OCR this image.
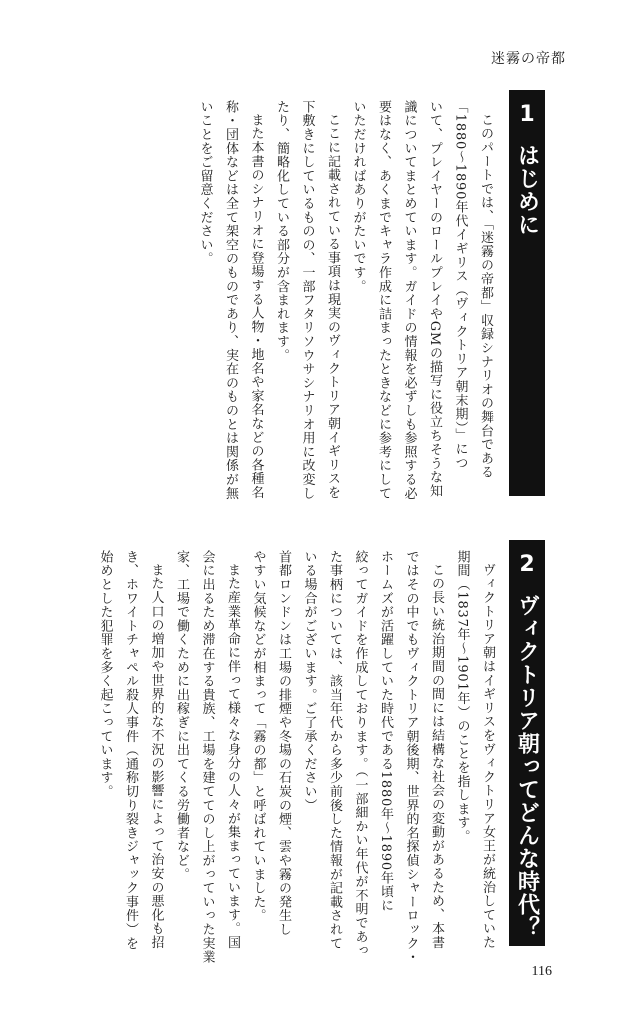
迷霧の帝都
1
はじめに

このパートでは、「迷霧の帝都」収録シナリオの舞台である

「1880〜1890年代イギリス（ヴィクトリア朝末期）」につ

いて、プレイヤーのロールプレイやGMの描写に役立ちそうな知

識についてまとめています。ガイドの情報を必ずしも参照する必

要はなく、あくまでキャラ作成に詰まったときなどに参考にして

いただければありがたいです。

ここに記載されている事項は現実のヴィクトリア朝イギリスを

下敷きにしているものの、一部フタリソウサシナリオ用に改変し

たり、簡略化している部分が含まれます。

また本書のシナリオに登場する人物・地名や家名などの各種名

称・団体などは全て架空のものであり、実在のものとは関係が無

いことをご留意ください。

2
ヴィクトリア朝ってどんな時代？

ヴィクトリア朝はイギリスをヴィクトリア女王が統治していた

期間（1837年〜1901年）のことを指します。

この長い統治期間の間には結構な社会の変動があるため、本書

ではその中でもヴィクトリア朝後期、世界的名探偵シャーロック・

ホームズが活躍していた時代である1880年〜1890年頃に

絞ってガイドを作成しております。（一部細かい年代が不明であっ

た事柄については、該当年代から多少前後した情報が記載されて

いる場合がございます。ご了承ください）

首都ロンドンは工場の排煙や冬場の石炭の煙、雲や霧の発生し

やすい気候などが相まって「霧の都」と呼ばれていました。

また産業革命に伴って様々な身分の人々が集まっています。国

会に出るため滞在する貴族、工場を建ててのし上がっていった実業

家、工場で働くために出稼ぎに出てくる労働者など。

また人口の増加や世界的な不況の影響によって治安の悪化も招

き、ホワイトチャペル殺人事件（通称切り裂きジャック事件）を

始めとした犯罪を多く起こっています。

116
